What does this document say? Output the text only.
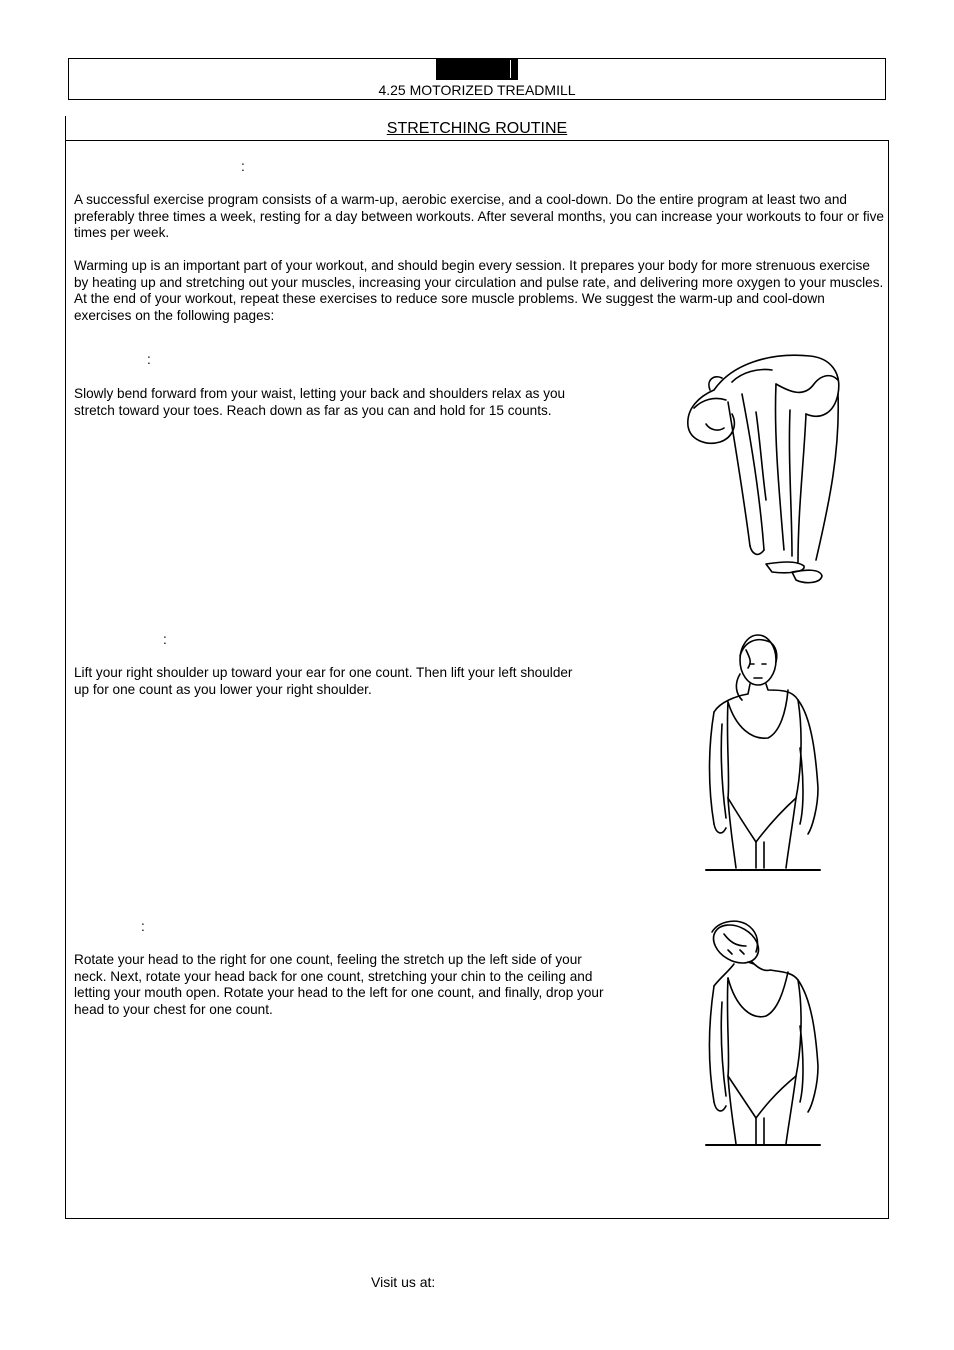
4.25 MOTORIZED TREADMILL
STRETCHING ROUTINE
:
A successful exercise program consists of a warm-up, aerobic exercise, and a cool-down. Do the entire program at least two and preferably three times a week, resting for a day between workouts. After several months, you can increase your workouts to four or five times per week.
Warming up is an important part of your workout, and should begin every session. It prepares your body for more strenuous exercise by heating up and stretching out your muscles, increasing your circulation and pulse rate, and delivering more oxygen to your muscles. At the end of your workout, repeat these exercises to reduce sore muscle problems. We suggest the warm-up and cool-down exercises on the following pages:
:
Slowly bend forward from your waist, letting your back and shoulders relax as you stretch toward your toes. Reach down as far as you can and hold for 15 counts.
:
Lift your right shoulder up toward your ear for one count. Then lift your left shoulder up for one count as you lower your right shoulder.
:
Rotate your head to the right for one count, feeling the stretch up the left side of your neck. Next, rotate your head back for one count, stretching your chin to the ceiling and letting your mouth open. Rotate your head to the left for one count, and finally, drop your head to your chest for one count.
Visit us at:
